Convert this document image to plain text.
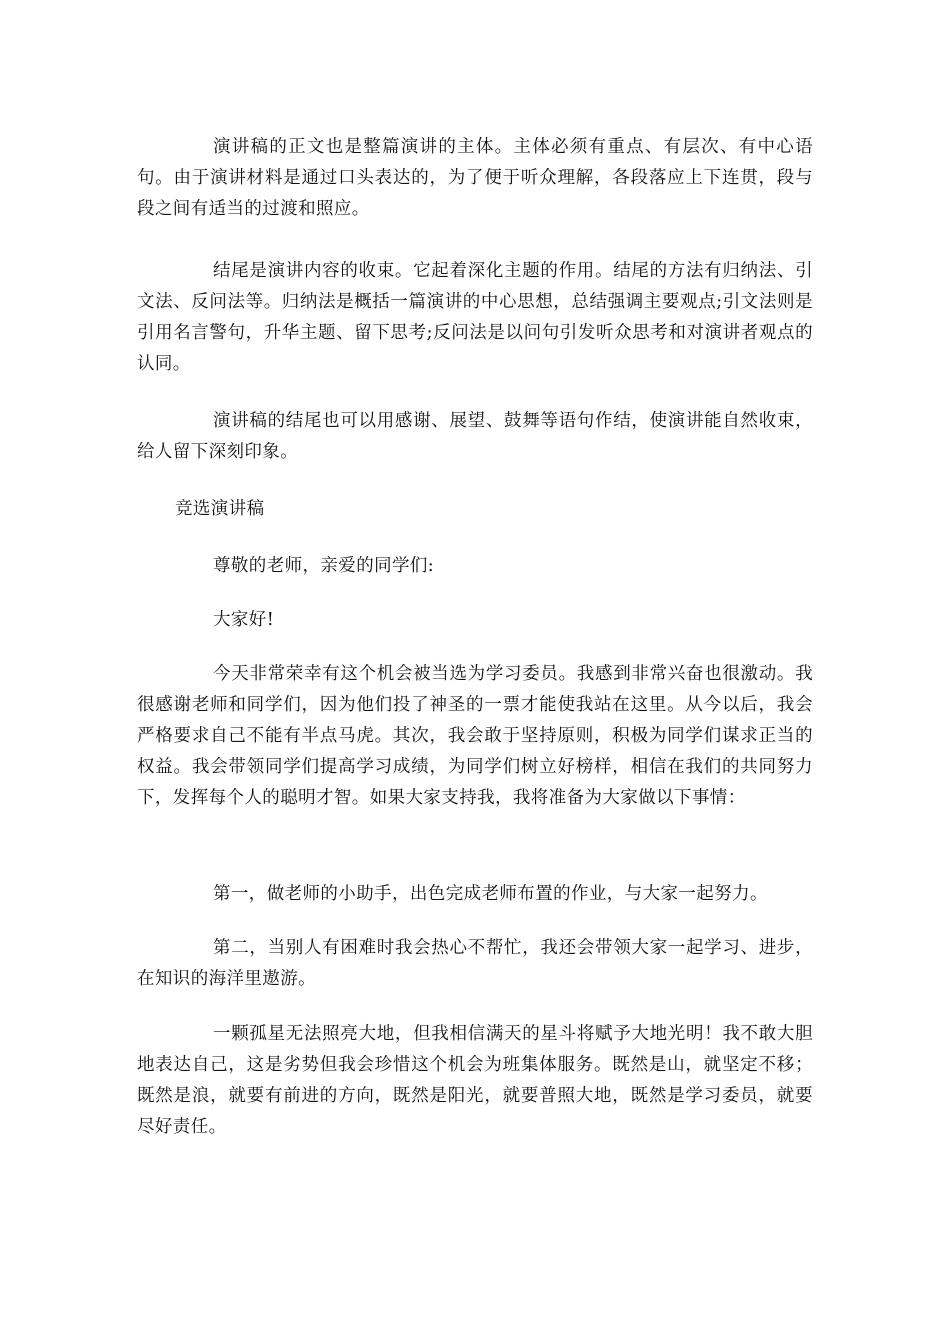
演讲稿的正文也是整篇演讲的主体。主体必须有重点、有层次、有中心语句。由于演讲材料是通过口头表达的，为了便于听众理解，各段落应上下连贯，段与段之间有适当的过渡和照应。

结尾是演讲内容的收束。它起着深化主题的作用。结尾的方法有归纳法、引文法、反问法等。归纳法是概括一篇演讲的中心思想，总结强调主要观点;引文法则是引用名言警句，升华主题、留下思考;反问法是以问句引发听众思考和对演讲者观点的认同。

演讲稿的结尾也可以用感谢、展望、鼓舞等语句作结，使演讲能自然收束，给人留下深刻印象。

竞选演讲稿

尊敬的老师，亲爱的同学们:

大家好!

今天非常荣幸有这个机会被当选为学习委员。我感到非常兴奋也很激动。我很感谢老师和同学们，因为他们投了神圣的一票才能使我站在这里。从今以后，我会严格要求自己不能有半点马虎。其次，我会敢于坚持原则，积极为同学们谋求正当的权益。我会带领同学们提高学习成绩，为同学们树立好榜样，相信在我们的共同努力下，发挥每个人的聪明才智。如果大家支持我，我将准备为大家做以下事情：

第一，做老师的小助手，出色完成老师布置的作业，与大家一起努力。

第二，当别人有困难时我会热心不帮忙，我还会带领大家一起学习、进步，在知识的海洋里遨游。

一颗孤星无法照亮大地，但我相信满天的星斗将赋予大地光明！我不敢大胆地表达自己，这是劣势但我会珍惜这个机会为班集体服务。既然是山，就坚定不移；既然是浪，就要有前进的方向，既然是阳光，就要普照大地，既然是学习委员，就要尽好责任。
